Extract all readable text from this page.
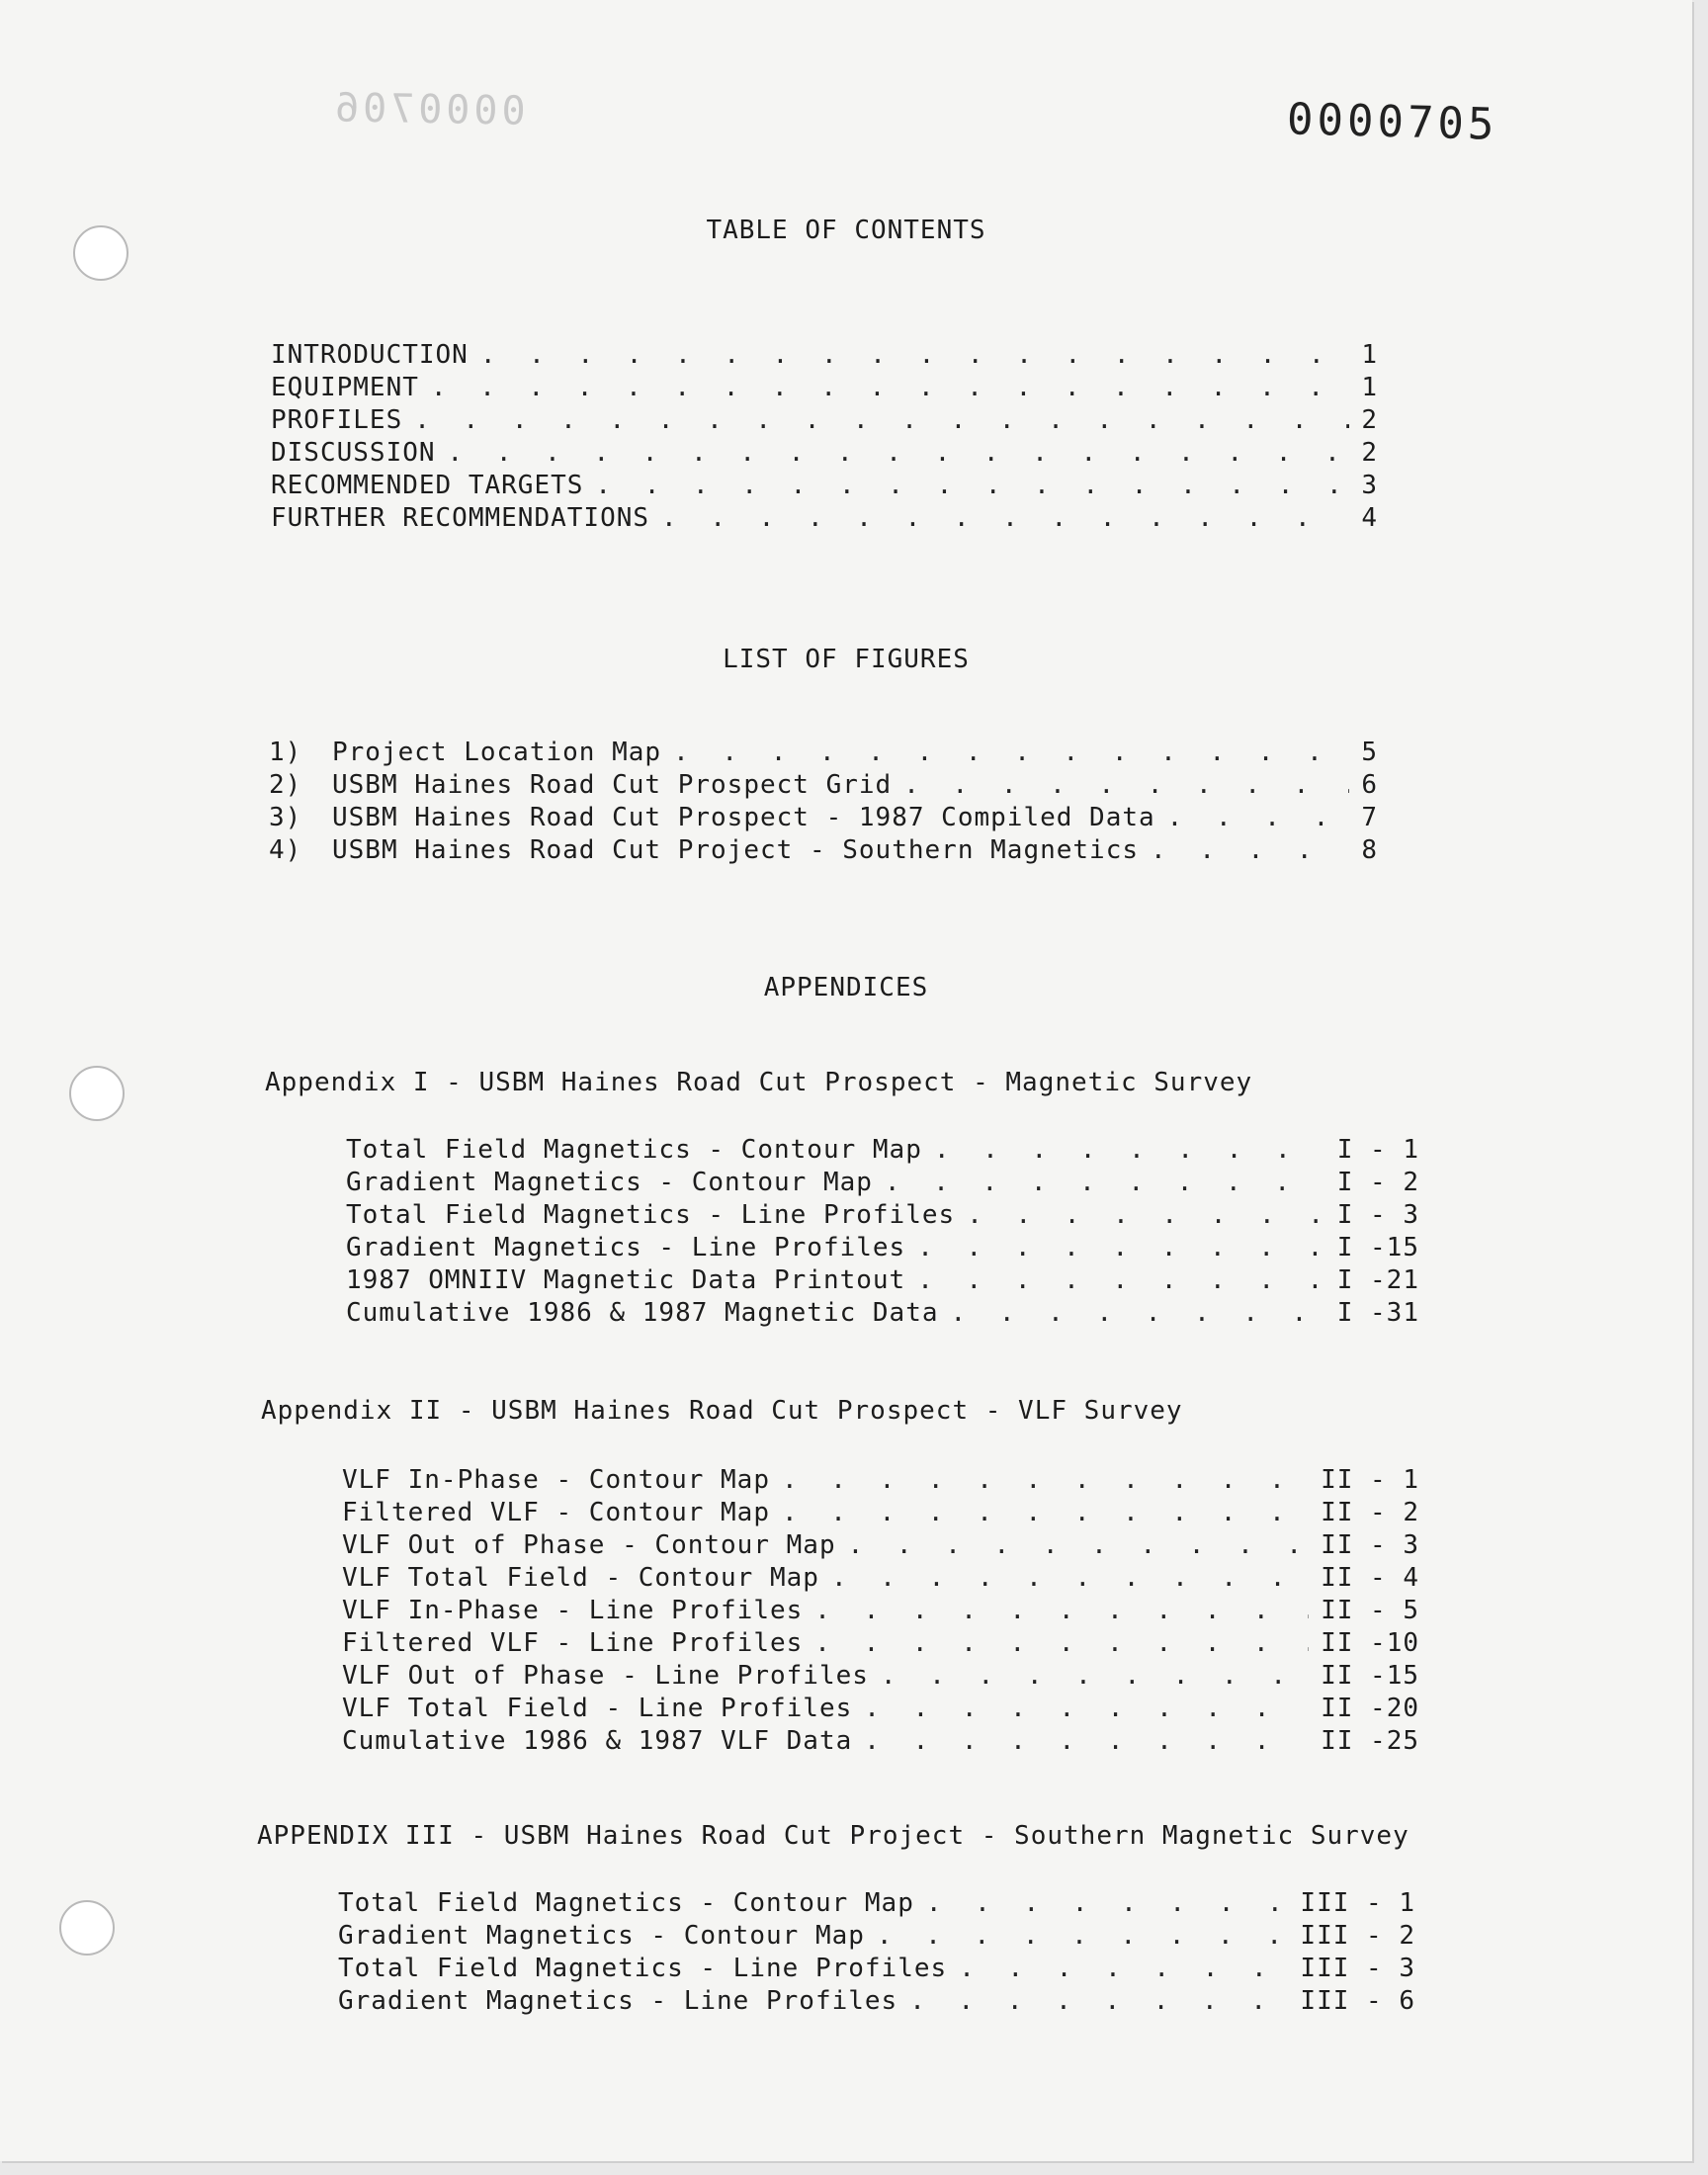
0000706	0000705
TABLE OF CONTENTS
INTRODUCTION . . .	1
EQUIPMENT . . .	1
PROFILES . . .	2
DISCUSSION . . .	2
RECOMMENDED TARGETS . . .	3
FURTHER RECOMMENDATIONS . . .	4
LIST OF FIGURES
1)	Project Location Map . . .	5
2)	USBM Haines Road Cut Prospect Grid . . .	6
3)	USBM Haines Road Cut Prospect - 1987 Compiled Data . . .	7
4)	USBM Haines Road Cut Project - Southern Magnetics . . .	8
APPENDICES
Appendix I - USBM Haines Road Cut Prospect - Magnetic Survey
Total Field Magnetics - Contour Map . . .	I - 1
Gradient Magnetics - Contour Map . . .	I - 2
Total Field Magnetics - Line Profiles . . .	I - 3
Gradient Magnetics - Line Profiles . . .	I -15
1987 OMNIIV Magnetic Data Printout . . .	I -21
Cumulative 1986 & 1987 Magnetic Data . . .	I -31
Appendix II - USBM Haines Road Cut Prospect - VLF Survey
VLF In-Phase - Contour Map . . .	II - 1
Filtered VLF - Contour Map . . .	II - 2
VLF Out of Phase - Contour Map . . .	II - 3
VLF Total Field - Contour Map . . .	II - 4
VLF In-Phase - Line Profiles . . .	II - 5
Filtered VLF - Line Profiles . . .	II -10
VLF Out of Phase - Line Profiles . . .	II -15
VLF Total Field - Line Profiles . . .	II -20
Cumulative 1986 & 1987 VLF Data . . .	II -25
APPENDIX III - USBM Haines Road Cut Project - Southern Magnetic Survey
Total Field Magnetics - Contour Map . . .	III - 1
Gradient Magnetics - Contour Map . . .	III - 2
Total Field Magnetics - Line Profiles . . .	III - 3
Gradient Magnetics - Line Profiles . . .	III - 6
